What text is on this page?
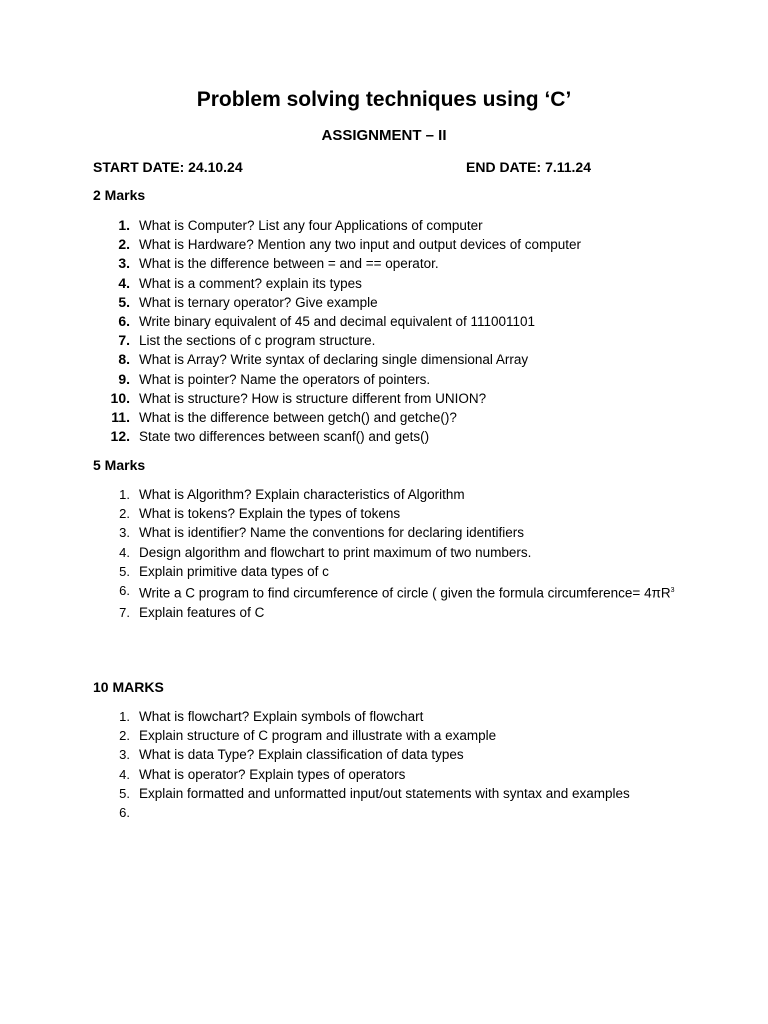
Problem solving techniques using ‘C’
ASSIGNMENT – II
START DATE: 24.10.24	END DATE: 7.11.24
2 Marks
1. What is Computer? List any four Applications of computer
2. What is Hardware? Mention any two input and output devices of computer
3. What is the difference between = and == operator.
4. What is a comment? explain its types
5. What is ternary operator? Give example
6. Write binary equivalent of 45 and decimal equivalent of 111001101
7. List the sections of c program structure.
8. What is Array? Write syntax of declaring single dimensional Array
9. What is pointer? Name the operators of pointers.
10. What is structure? How is structure different from UNION?
11. What is the difference between getch() and getche()?
12. State two differences between scanf() and gets()
5 Marks
1. What is Algorithm? Explain characteristics of Algorithm
2. What is tokens? Explain the types of tokens
3. What is identifier? Name the conventions for declaring identifiers
4. Design algorithm and flowchart to print maximum of two numbers.
5. Explain primitive data types of c
6. Write a C program to find circumference of circle ( given the formula circumference= $4\pi R^3$
7. Explain features of C
10 MARKS
1. What is flowchart? Explain symbols of flowchart
2. Explain structure of C program and illustrate with a example
3. What is data Type? Explain classification of data types
4. What is operator? Explain types of operators
5. Explain formatted and unformatted input/out statements with syntax and examples
6.
